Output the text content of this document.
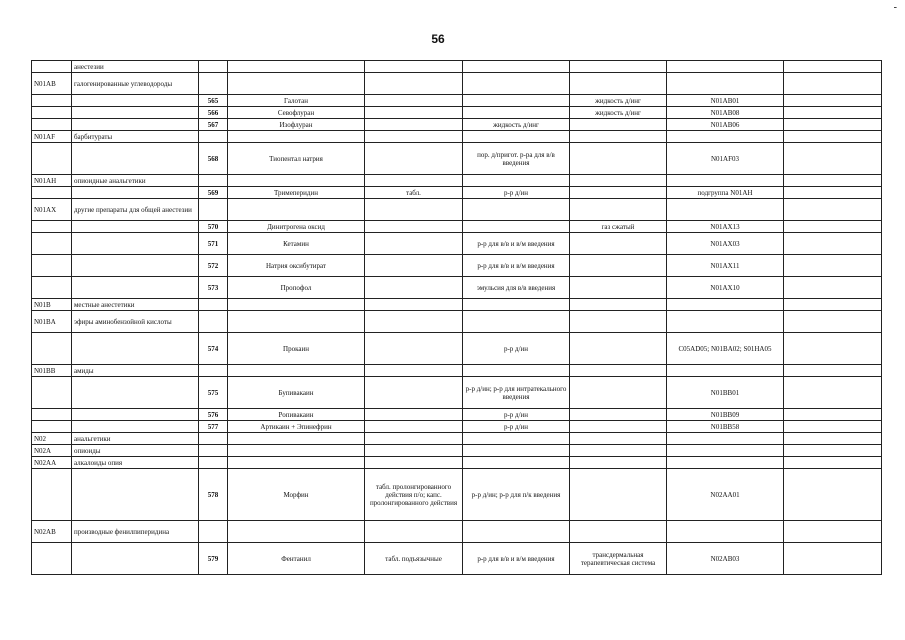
56
-
	анестезии							
N01AB	галогенированные углеводороды							
		565	Галотан			жидкость д/инг	N01AB01	
		566	Севофлуран			жидкость д/инг	N01AB08	
		567	Изофлуран		жидкость д/инг		N01AB06	
N01AF	барбитураты							
		568	Тиопентал натрия		пор. д/пригот. р-ра для в/в введения		N01AF03	
N01AH	опиоидные анальгетики							
		569	Тримеперидин	табл.	р-р д/ин		подгруппа N01AH	
N01AX	другие препараты для общей анестезии							
		570	Динитрогена оксид			газ сжатый	N01AX13	
		571	Кетамин		р-р для в/в и в/м введения		N01AX03	
		572	Натрия оксибутират		р-р для в/в и в/м введения		N01AX11	
		573	Пропофол		эмульсия для в/в введения		N01AX10	
N01B	местные анестетики							
N01BA	эфиры аминобензойной кислоты							
		574	Прокаин		р-р д/ин		C05AD05; N01BA02; S01HA05	
N01BB	амиды							
		575	Бупивакаин		р-р д/ин; р-р для интратекального введения		N01BB01	
		576	Ропивакаин		р-р д/ин		N01BB09	
		577	Артикаин + Эпинефрин		р-р д/ин		N01BB58	
N02	анальгетики							
N02A	опиоиды							
N02AA	алкалоиды опия							
		578	Морфин	табл. пролонгированного действия п/о; капс. пролонгированного действия	р-р д/ин; р-р для п/к введения		N02AA01	
N02AB	производные фенилпиперидина							
		579	Фентанил	табл. подъязычные	р-р для в/в и в/м введения	трансдермальная терапевтическая система	N02AB03	
